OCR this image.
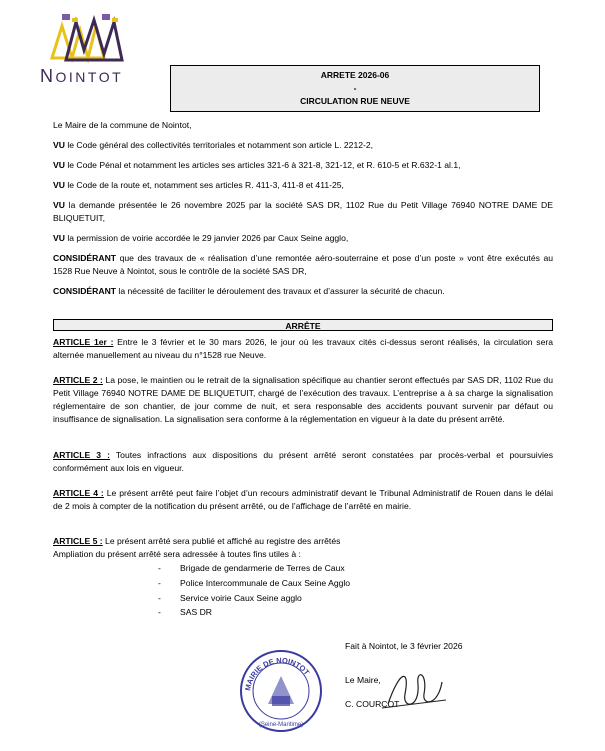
NOINTOT	ARRETE 2026-06
-
CIRCULATION RUE NEUVE

Le Maire de la commune de Nointot,

VU le Code général des collectivités territoriales et notamment son article L. 2212-2,

VU le Code Pénal et notamment les articles ses articles 321-6 à 321-8, 321-12, et R. 610-5 et R.632-1 al.1,

VU le Code de la route et, notamment ses articles R. 411-3, 411-8 et 411-25,

VU la demande présentée le 26 novembre 2025 par la société SAS DR, 1102 Rue du Petit Village 76940 NOTRE DAME DE BLIQUETUIT,

VU la permission de voirie accordée le 29 janvier 2026 par Caux Seine agglo,

CONSIDÉRANT que des travaux de « réalisation d’une remontée aéro-souterraine et pose d’un poste » vont être exécutés au 1528 Rue Neuve à Nointot, sous le contrôle de la société SAS DR,

CONSIDÉRANT la nécessité de faciliter le déroulement des travaux et d’assurer la sécurité de chacun.

ARRÊTE
ARTICLE 1er : Entre le 3 février et le 30 mars 2026, le jour où les travaux cités ci-dessus seront réalisés, la circulation sera alternée manuellement au niveau du n°1528 rue Neuve.
ARTICLE 2 : La pose, le maintien ou le retrait de la signalisation spécifique au chantier seront effectués par SAS DR, 1102 Rue du Petit Village 76940 NOTRE DAME DE BLIQUETUIT, chargé de l’exécution des travaux. L’entreprise a à sa charge la signalisation réglementaire de son chantier, de jour comme de nuit, et sera responsable des accidents pouvant survenir par défaut ou insuffisance de signalisation. La signalisation sera conforme à la réglementation en vigueur à la date du présent arrêté.
ARTICLE 3 : Toutes infractions aux dispositions du présent arrêté seront constatées par procès-verbal et poursuivies conformément aux lois en vigueur.
ARTICLE 4 : Le présent arrêté peut faire l’objet d’un recours administratif devant le Tribunal Administratif de Rouen dans le délai de 2 mois à compter de la notification du présent arrêté, ou de l’affichage de l’arrêté en mairie.
ARTICLE 5 : Le présent arrêté sera publié et affiché au registre des arrêtés
Ampliation du présent arrêté sera adressée à toutes fins utiles à :
- Brigade de gendarmerie de Terres de Caux
- Police Intercommunale de Caux Seine Agglo
- Service voirie Caux Seine agglo
- SAS DR
Fait à Nointot, le 3 février 2026
Le Maire,
C. COURCOT
MAIRIE DE NOINTOT
(Seine-Maritime)
